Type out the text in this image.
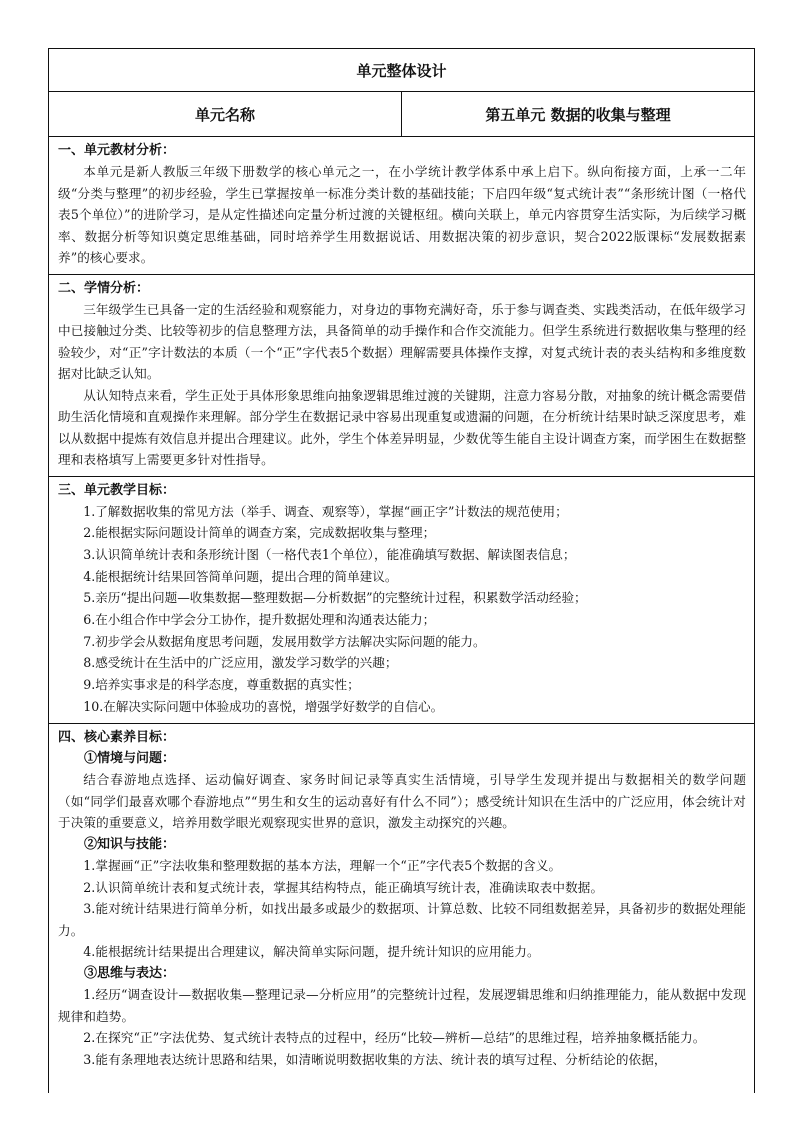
单元整体设计
单元名称	第五单元 数据的收集与整理

一、单元教材分析：

本单元是新人教版三年级下册数学的核心单元之一，在小学统计教学体系中承上启下。纵向衔接方面，上承一二年级“分类与整理”的初步经验，学生已掌握按单一标准分类计数的基础技能；下启四年级“复式统计表”“条形统计图（一格代表5个单位）”的进阶学习，是从定性描述向定量分析过渡的关键枢纽。横向关联上，单元内容贯穿生活实际，为后续学习概率、数据分析等知识奠定思维基础，同时培养学生用数据说话、用数据决策的初步意识，契合2022版课标“发展数据素养”的核心要求。

二、学情分析：

三年级学生已具备一定的生活经验和观察能力，对身边的事物充满好奇，乐于参与调查类、实践类活动，在低年级学习中已接触过分类、比较等初步的信息整理方法，具备简单的动手操作和合作交流能力。但学生系统进行数据收集与整理的经验较少，对“正”字计数法的本质（一个“正”字代表5个数据）理解需要具体操作支撑，对复式统计表的表头结构和多维度数据对比缺乏认知。

从认知特点来看，学生正处于具体形象思维向抽象逻辑思维过渡的关键期，注意力容易分散，对抽象的统计概念需要借助生活化情境和直观操作来理解。部分学生在数据记录中容易出现重复或遗漏的问题，在分析统计结果时缺乏深度思考，难以从数据中提炼有效信息并提出合理建议。此外，学生个体差异明显，少数优等生能自主设计调查方案，而学困生在数据整理和表格填写上需要更多针对性指导。

三、单元教学目标：

1.了解数据收集的常见方法（举手、调查、观察等），掌握“画正字”计数法的规范使用；

2.能根据实际问题设计简单的调查方案，完成数据收集与整理；

3.认识简单统计表和条形统计图（一格代表1个单位），能准确填写数据、解读图表信息；

4.能根据统计结果回答简单问题，提出合理的简单建议。

5.亲历“提出问题—收集数据—整理数据—分析数据”的完整统计过程，积累数学活动经验；

6.在小组合作中学会分工协作，提升数据处理和沟通表达能力；

7.初步学会从数据角度思考问题，发展用数学方法解决实际问题的能力。

8.感受统计在生活中的广泛应用，激发学习数学的兴趣；

9.培养实事求是的科学态度，尊重数据的真实性；

10.在解决实际问题中体验成功的喜悦，增强学好数学的自信心。

四、核心素养目标：

①情境与问题：

结合春游地点选择、运动偏好调查、家务时间记录等真实生活情境，引导学生发现并提出与数据相关的数学问题（如“同学们最喜欢哪个春游地点”“男生和女生的运动喜好有什么不同”）；感受统计知识在生活中的广泛应用，体会统计对于决策的重要意义，培养用数学眼光观察现实世界的意识，激发主动探究的兴趣。

②知识与技能：

1.掌握画“正”字法收集和整理数据的基本方法，理解一个“正”字代表5个数据的含义。

2.认识简单统计表和复式统计表，掌握其结构特点，能正确填写统计表，准确读取表中数据。

3.能对统计结果进行简单分析，如找出最多或最少的数据项、计算总数、比较不同组数据差异，具备初步的数据处理能力。

4.能根据统计结果提出合理建议，解决简单实际问题，提升统计知识的应用能力。

③思维与表达：

1.经历“调查设计—数据收集—整理记录—分析应用”的完整统计过程，发展逻辑思维和归纳推理能力，能从数据中发现规律和趋势。

2.在探究“正”字法优势、复式统计表特点的过程中，经历“比较—辨析—总结”的思维过程，培养抽象概括能力。

3.能有条理地表达统计思路和结果，如清晰说明数据收集的方法、统计表的填写过程、分析结论的依据，
